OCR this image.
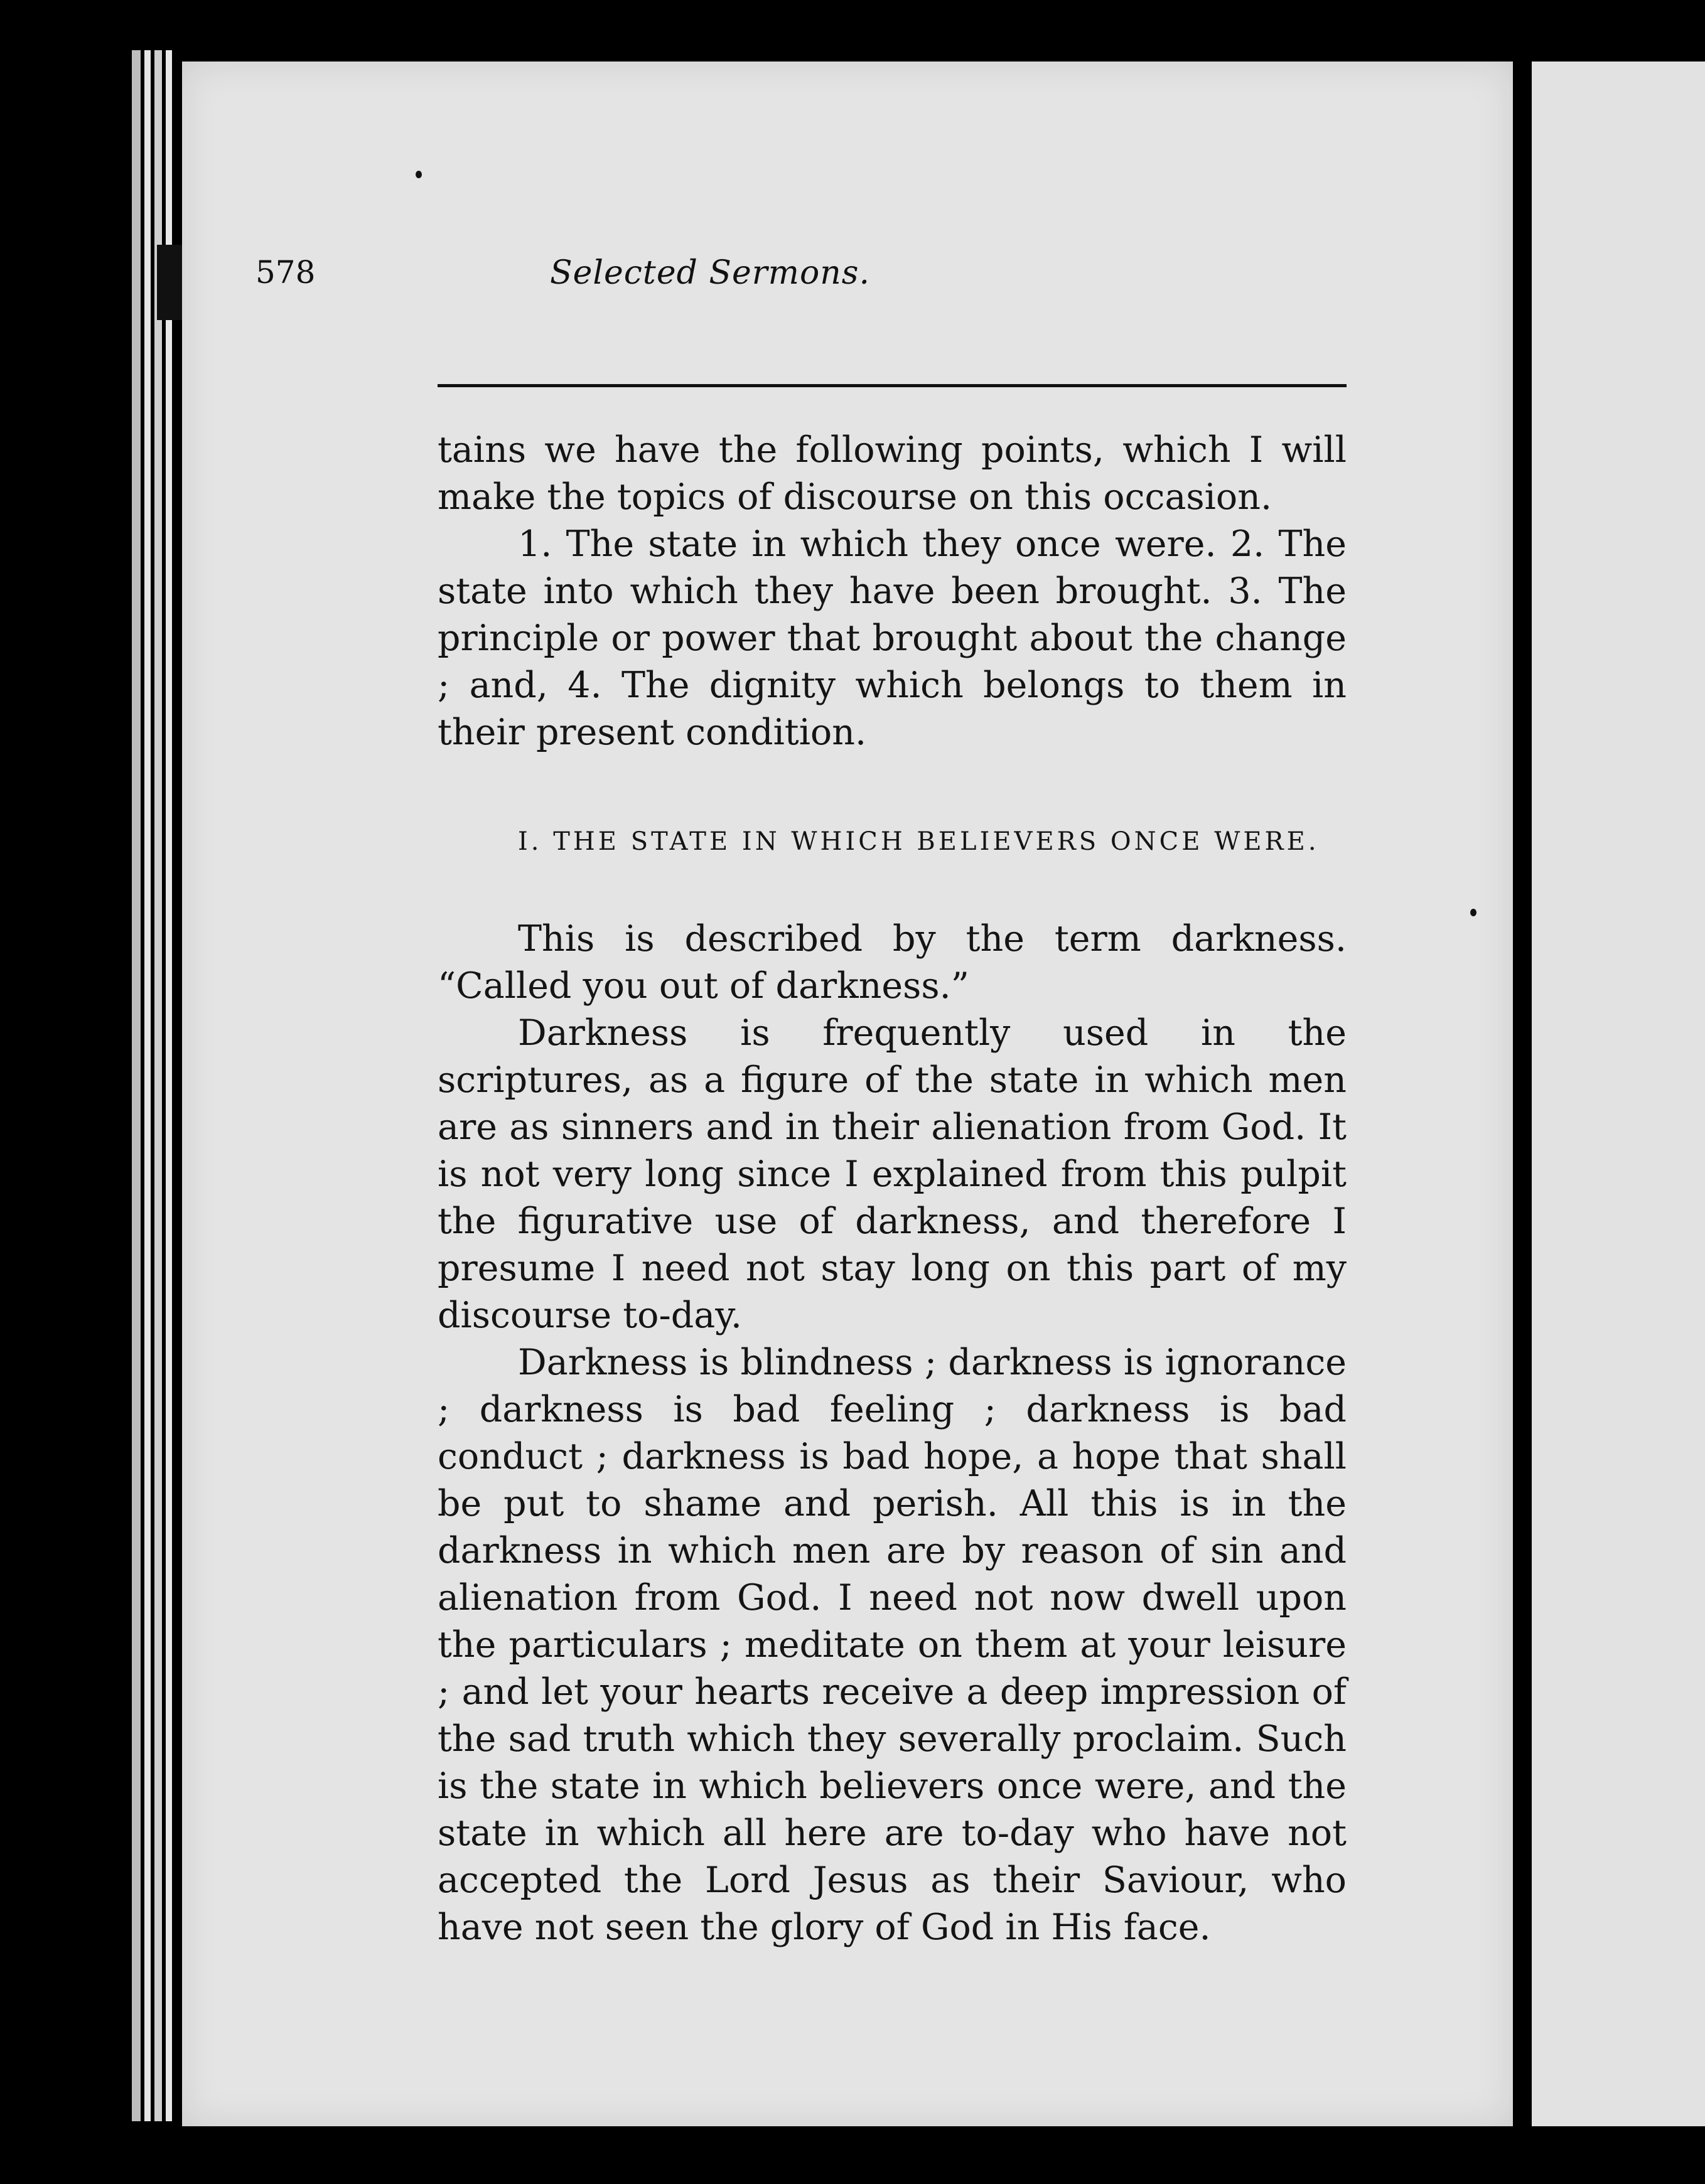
578	Selected Sermons.

tains we have the following points, which I will make the topics of discourse on this occasion.

1. The state in which they once were. 2. The state into which they have been brought. 3. The principle or power that brought about the change ; and, 4. The dignity which belongs to them in their present condition.

I. THE STATE IN WHICH BELIEVERS ONCE WERE.

This is described by the term darkness. “Called you out of darkness.”

Darkness is frequently used in the scriptures, as a figure of the state in which men are as sinners and in their alienation from God. It is not very long since I explained from this pulpit the figurative use of darkness, and therefore I presume I need not stay long on this part of my discourse to-day.

Darkness is blindness ; darkness is ignorance ; darkness is bad feeling ; darkness is bad conduct ; darkness is bad hope, a hope that shall be put to shame and perish. All this is in the darkness in which men are by reason of sin and alienation from God. I need not now dwell upon the particulars ; meditate on them at your leisure ; and let your hearts receive a deep impression of the sad truth which they severally proclaim. Such is the state in which believers once were, and the state in which all here are to-day who have not accepted the Lord Jesus as their Saviour, who have not seen the glory of God in His face.
